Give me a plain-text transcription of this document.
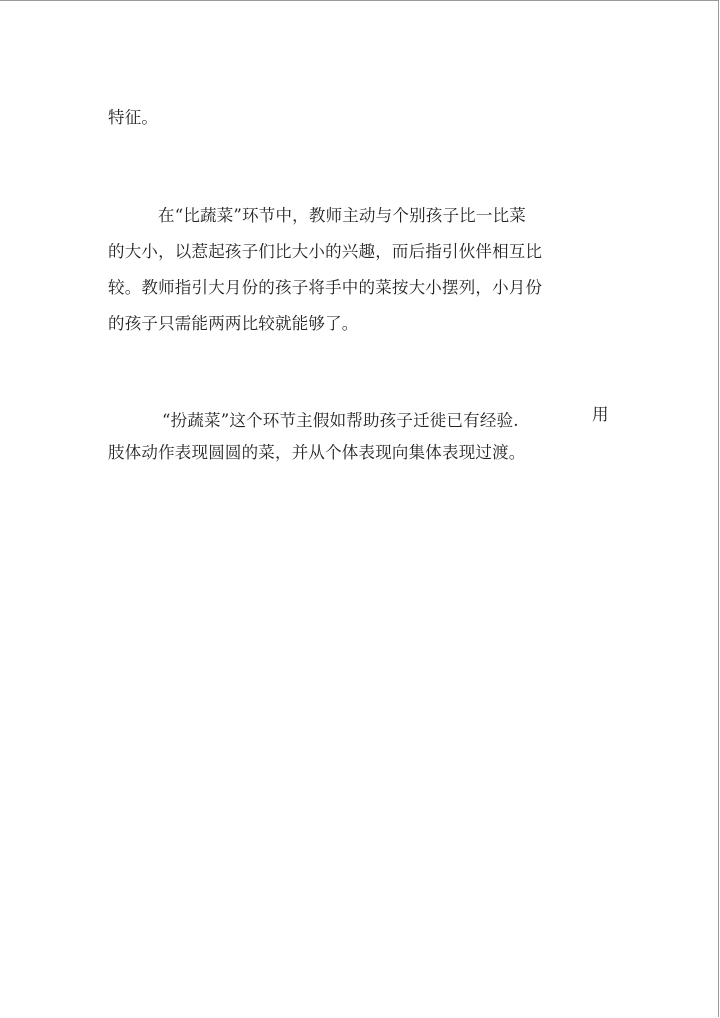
特征。
在“比蔬菜”环节中，教师主动与个别孩子比一比菜
的大小，以惹起孩子们比大小的兴趣，而后指引伙伴相互比
较。教师指引大月份的孩子将手中的菜按大小摆列，小月份
的孩子只需能两两比较就能够了。
“扮蔬菜”这个环节主假如帮助孩子迁徙已有经验.	用
肢体动作表现圆圆的菜，并从个体表现向集体表现过渡。
